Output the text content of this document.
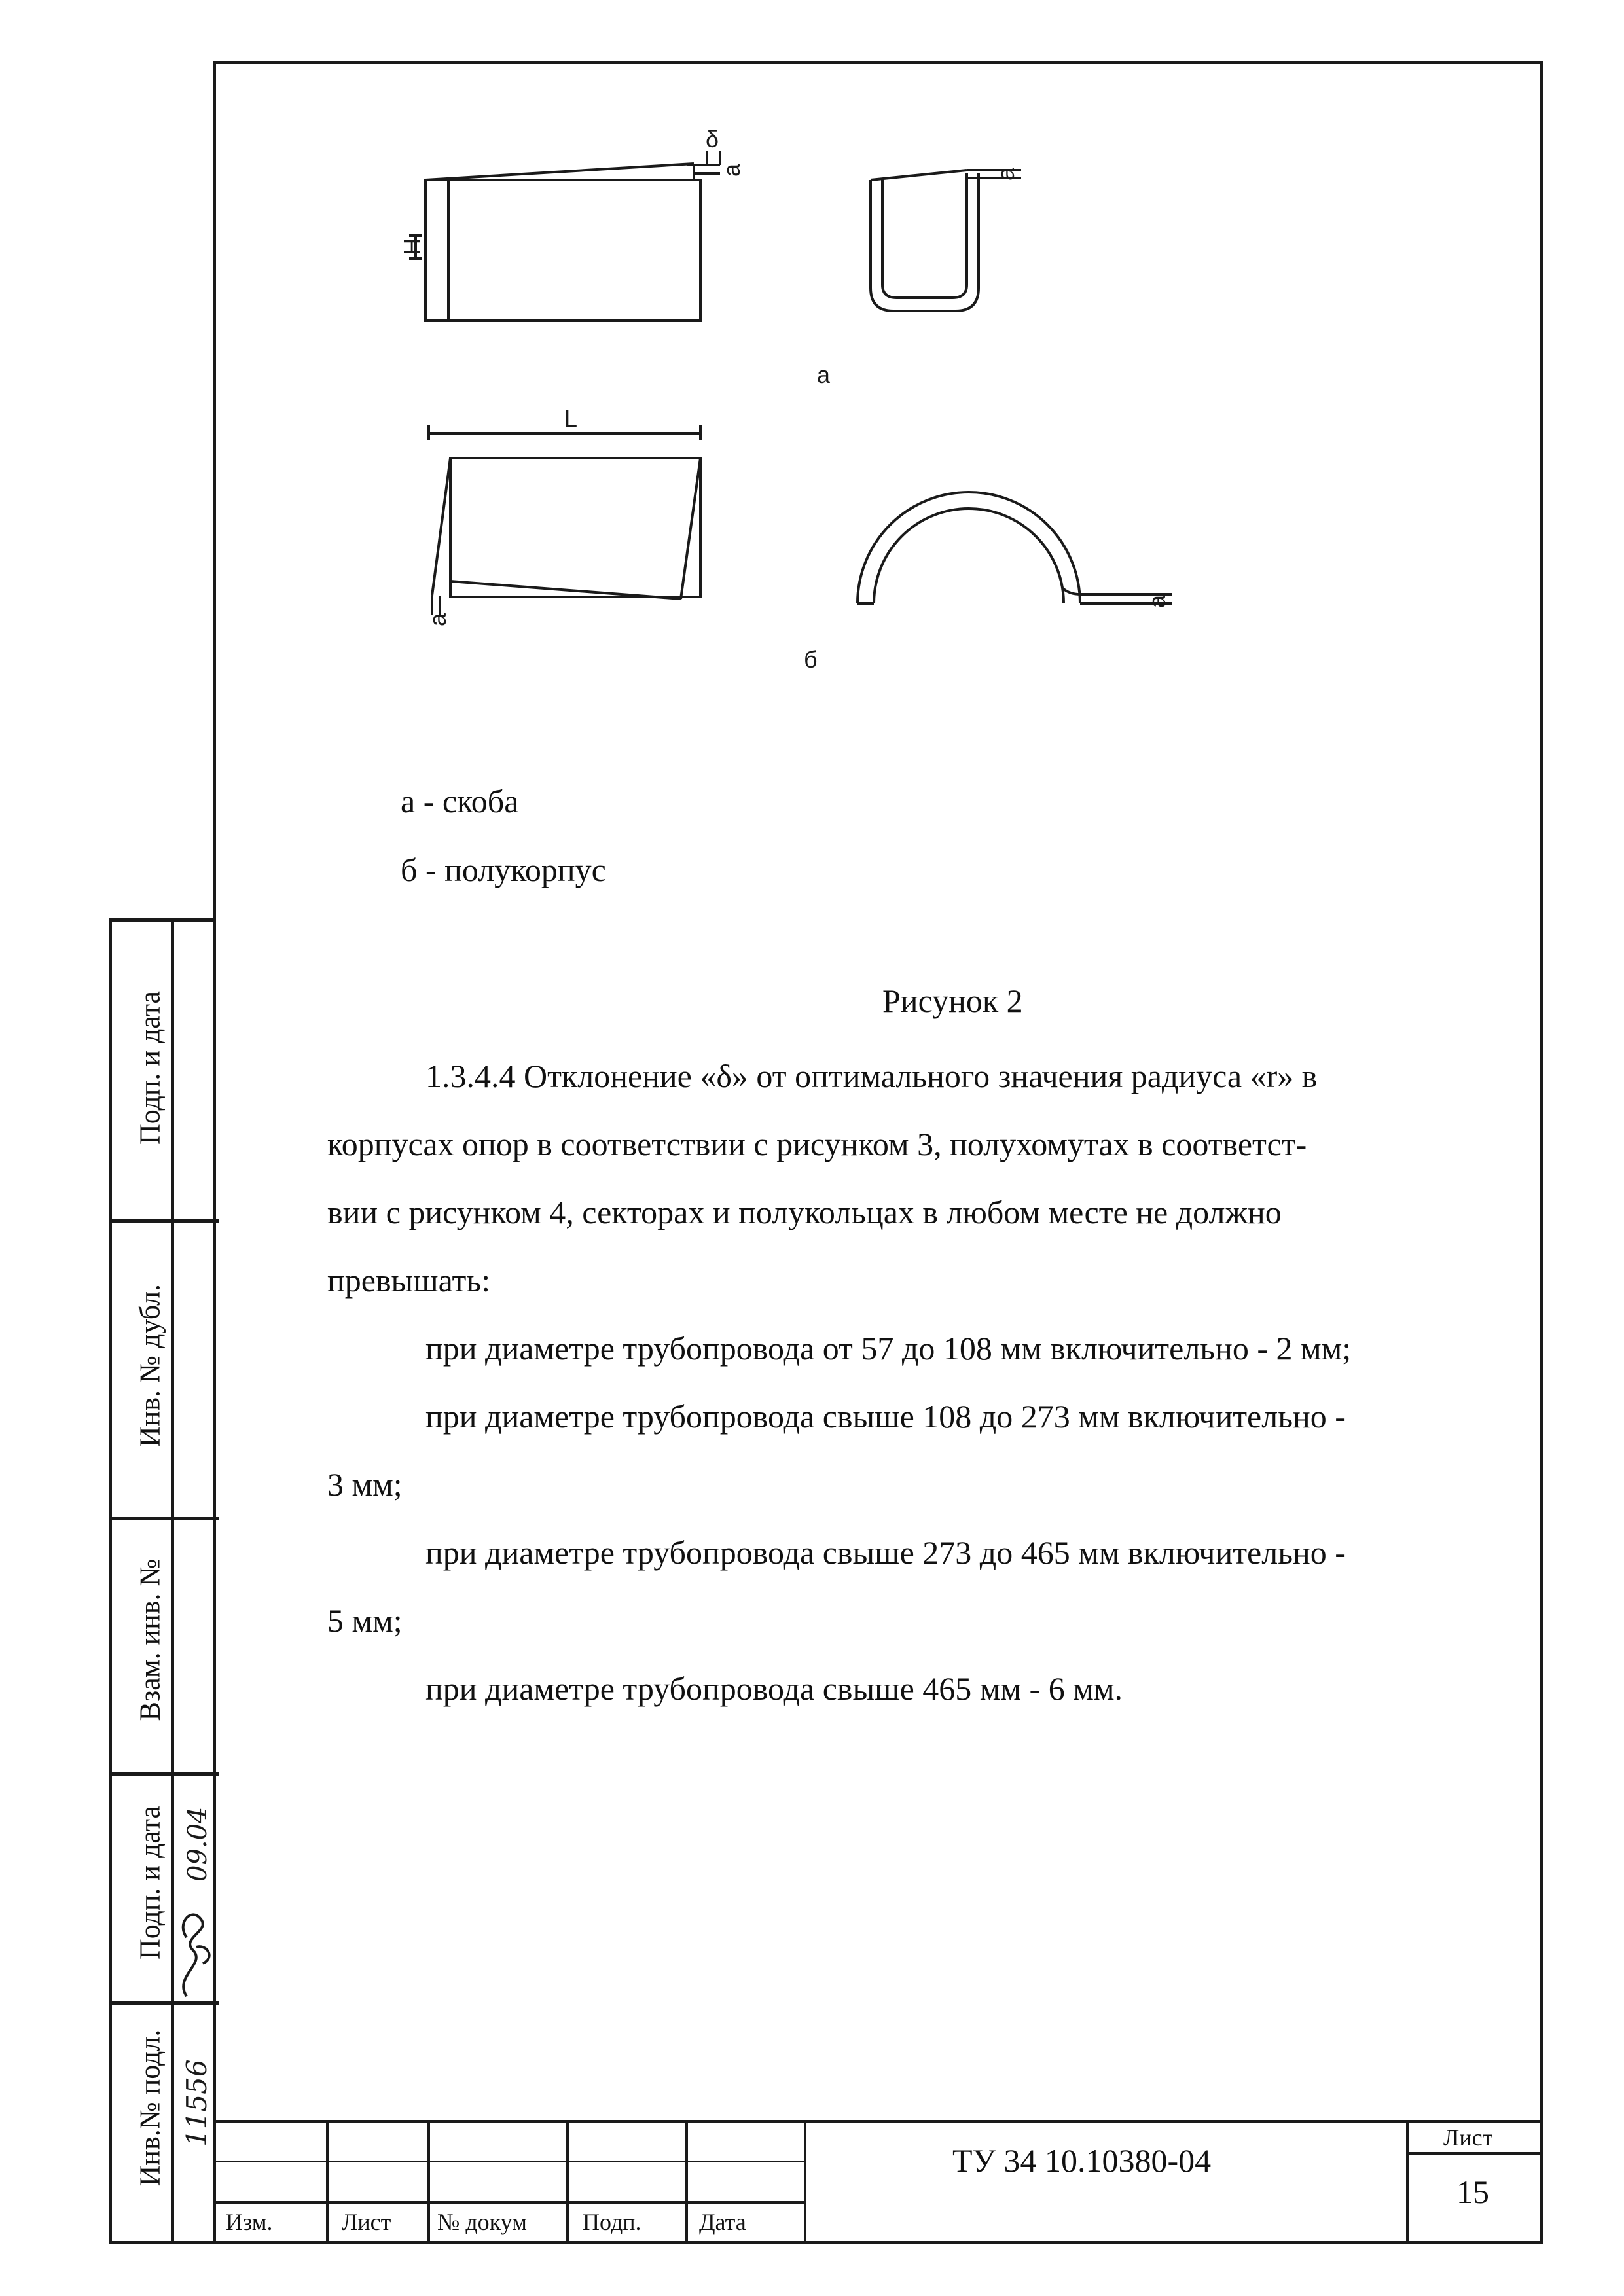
δ
a
H
a
a
L
a
a
б
а - скоба
б - полукорпус
Рисунок 2
1.3.4.4 Отклонение «δ» от оптимального значения радиуса «r» в
корпусах опор в соответствии с рисунком 3, полухомутах в соответст-
вии с рисунком 4, секторах и полукольцах в любом месте не должно
превышать:
при диаметре трубопровода от 57 до 108 мм включительно - 2 мм;
при диаметре трубопровода свыше 108 до 273 мм включительно -
3 мм;
при диаметре трубопровода свыше 273 до 465 мм включительно -
5 мм;
при диаметре трубопровода свыше 465 мм - 6 мм.
Подп. и дата
Инв. № дубл.
Взам. инв. №
Подп. и дата
Инв.№ подл.
09.04
11556
Изм.	Лист № докум Подп. Дата
ТУ 34 10.10380-04
Лист
15
